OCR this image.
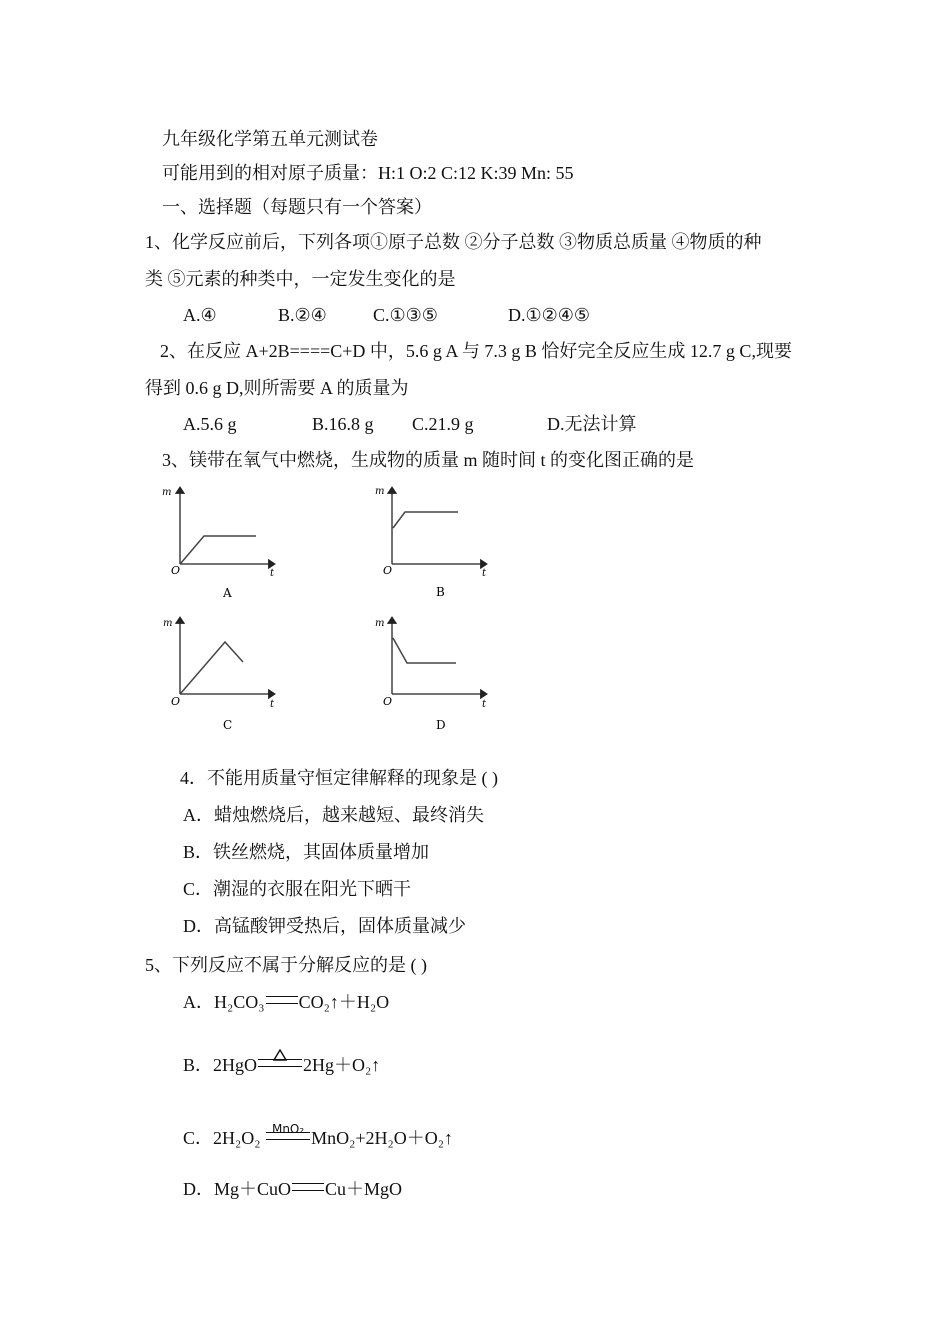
九年级化学第五单元测试卷
可能用到的相对原子质量：H:1 O:2 C:12 K:39 Mn: 55
一、选择题（每题只有一个答案）
1、化学反应前后，下列各项①原子总数 ②分子总数 ③物质总质量 ④物质的种
类 ⑤元素的种类中，一定发生变化的是
A.④	B.②④	C.①③⑤	D.①②④⑤
2、在反应 A+2B====C+D 中，5.6 g A 与 7.3 g B 恰好完全反应生成 12.7 g C,现要
得到 0.6 g D,则所需要 A 的质量为
A.5.6 g	B.16.8 g C.21.9 g	D.无法计算
3、镁带在氧气中燃烧，生成物的质量 m 随时间 t 的变化图正确的是
m
O	t
A
m
O	t
B
m
O	t
C
m
O	t
D
4．不能用质量守恒定律解释的现象是 ( )
A．蜡烛燃烧后，越来越短、最终消失
B．铁丝燃烧，其固体质量增加
C．潮湿的衣服在阳光下晒干
D．高锰酸钾受热后，固体质量减少
5、下列反应不属于分解反应的是 ( )
A．H₂CO₃ CO₂↑＋H₂O
B．2HgO	2Hg＋O₂↑
C．2H₂O₂ MnO₂ MnO₂+2H₂O＋O₂↑
D．Mg＋CuO Cu＋MgO
